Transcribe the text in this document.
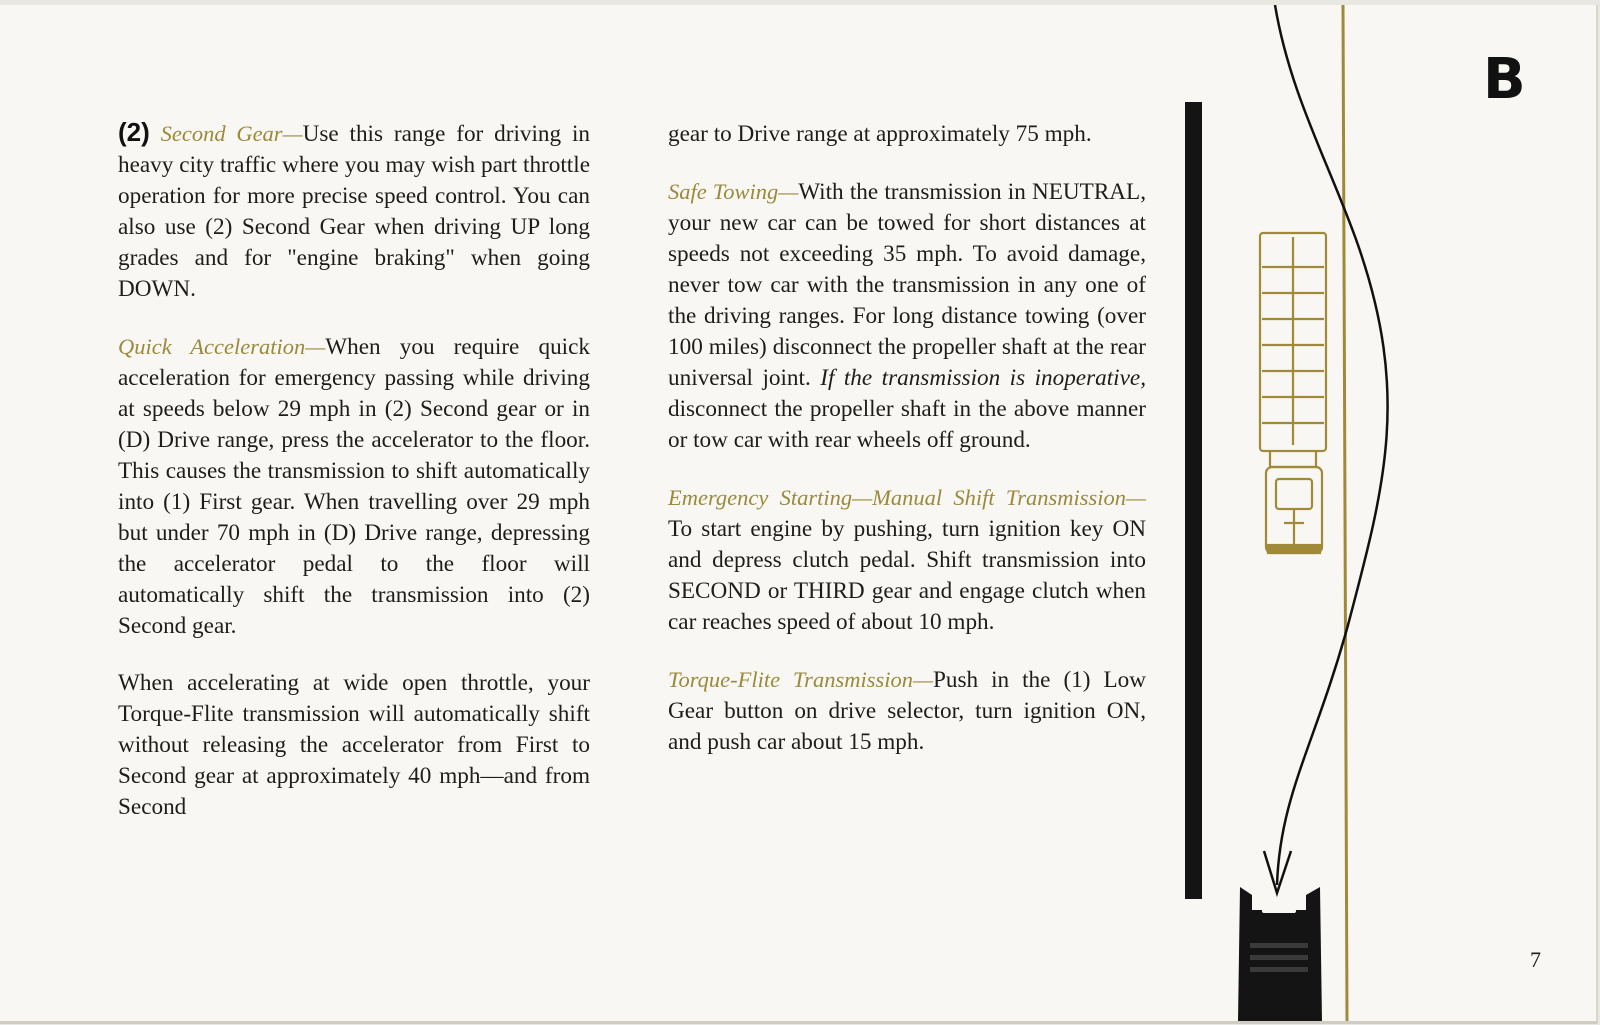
(2) Second Gear—Use this range for driving in heavy city traffic where you may wish part throttle operation for more precise speed control. You can also use (2) Second Gear when driving UP long grades and for "engine braking" when going DOWN.

Quick Acceleration—When you require quick acceleration for emergency passing while driving at speeds below 29 mph in (2) Second gear or in (D) Drive range, press the accelerator to the floor. This causes the transmission to shift automatically into (1) First gear. When travelling over 29 mph but under 70 mph in (D) Drive range, depressing the accelerator pedal to the floor will automatically shift the transmission into (2) Second gear.

When accelerating at wide open throttle, your Torque-Flite transmission will automatically shift without releasing the accelerator from First to Second gear at approximately 40 mph—and from Second

gear to Drive range at approximately 75 mph.

Safe Towing—With the transmission in NEUTRAL, your new car can be towed for short distances at speeds not exceeding 35 mph. To avoid damage, never tow car with the transmission in any one of the driving ranges. For long distance towing (over 100 miles) disconnect the propeller shaft at the rear universal joint. If the transmission is inoperative, disconnect the propeller shaft in the above manner or tow car with rear wheels off ground.

Emergency Starting—Manual Shift Transmission—To start engine by pushing, turn ignition key ON and depress clutch pedal. Shift transmission into SECOND or THIRD gear and engage clutch when car reaches speed of about 10 mph.

Torque-Flite Transmission—Push in the (1) Low Gear button on drive selector, turn ignition ON, and push car about 15 mph.

B
7
